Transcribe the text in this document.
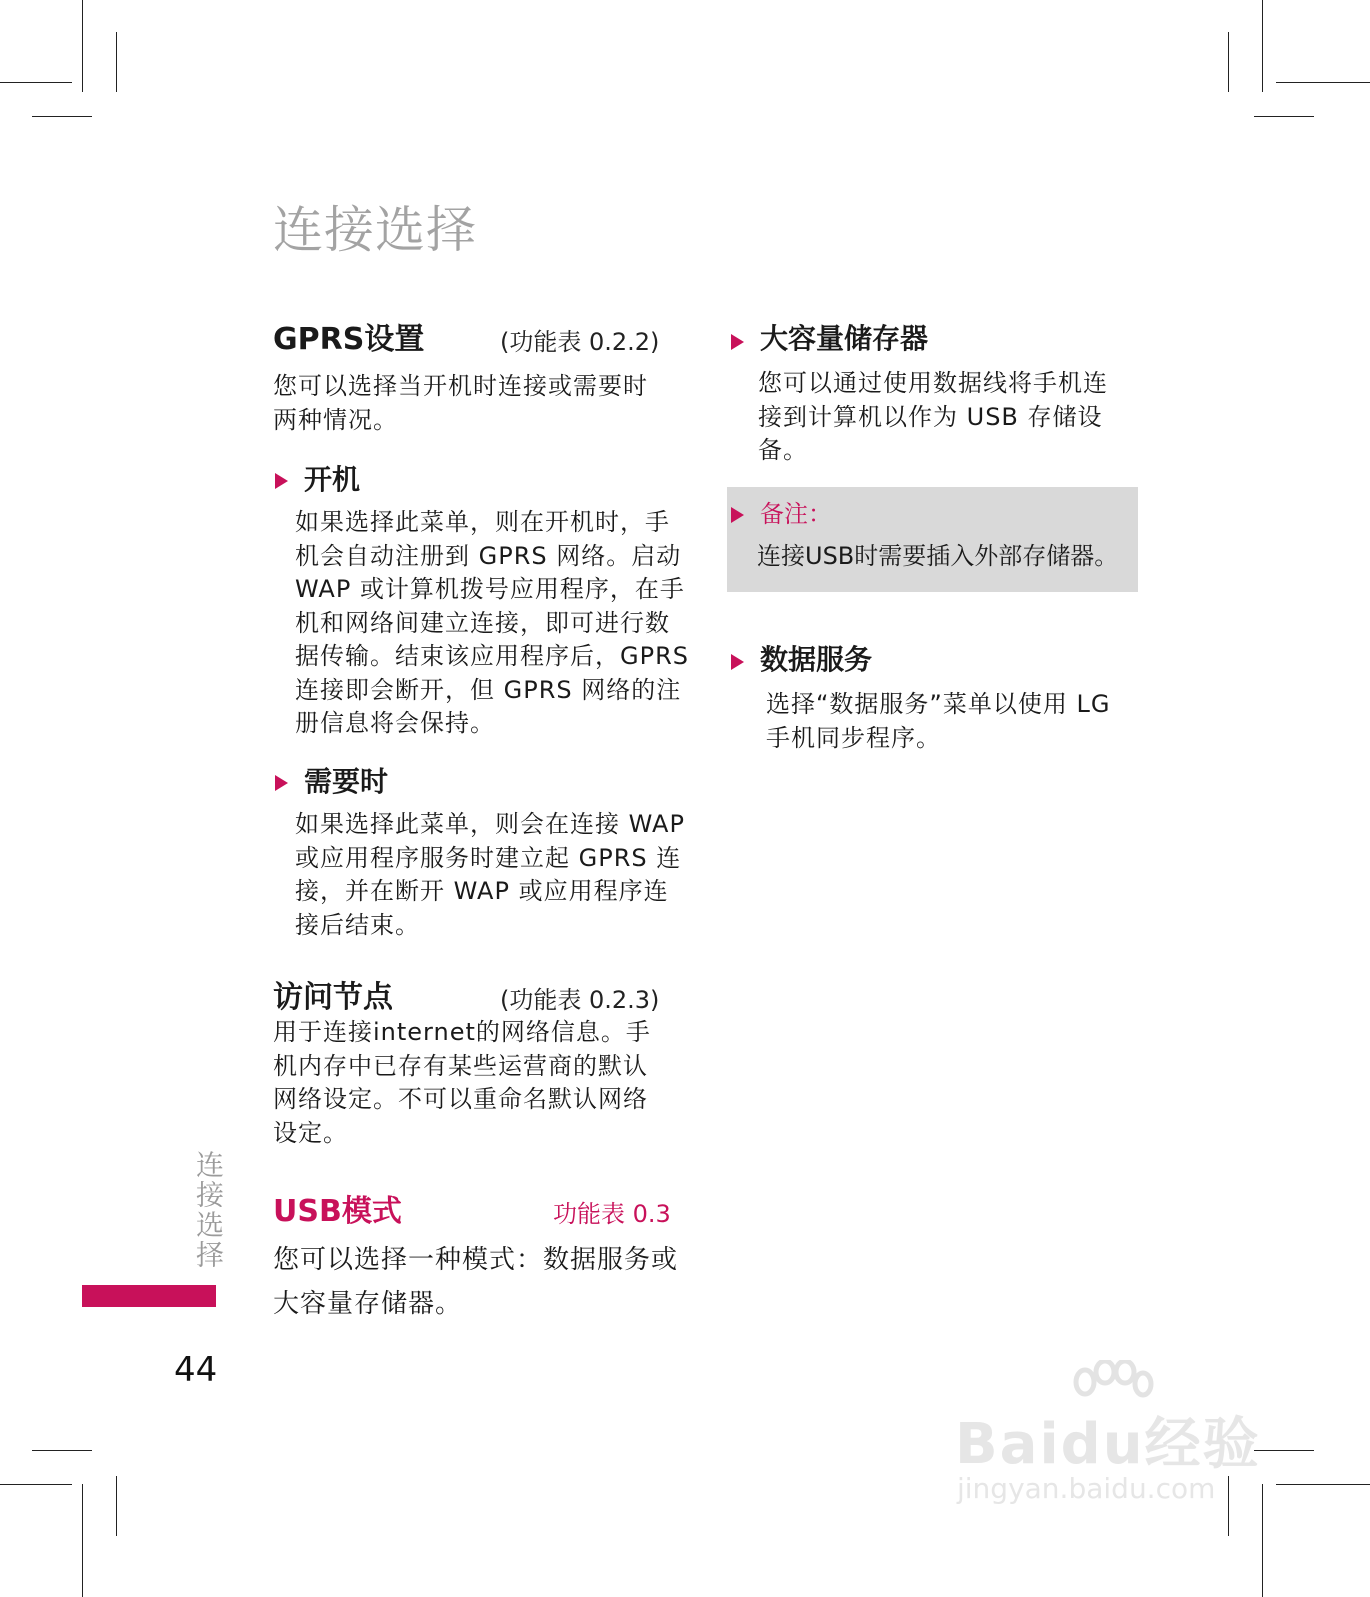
连接选择
GPRS设置	(功能表 0.2.2)
您可以选择当开机时连接或需要时
两种情况。
开机
如果选择此菜单，则在开机时，手
机会自动注册到 GPRS 网络。启动
WAP 或计算机拨号应用程序，在手
机和网络间建立连接，即可进行数
据传输。结束该应用程序后，GPRS
连接即会断开，但 GPRS 网络的注
册信息将会保持。
需要时
如果选择此菜单，则会在连接 WAP
或应用程序服务时建立起 GPRS 连
接，并在断开 WAP 或应用程序连
接后结束。
访问节点	(功能表 0.2.3)
用于连接internet的网络信息。手
机内存中已存有某些运营商的默认
网络设定。不可以重命名默认网络
设定。
USB模式	功能表 0.3
您可以选择一种模式：数据服务或
大容量存储器。
大容量储存器
您可以通过使用数据线将手机连
接到计算机以作为 USB 存储设
备。
备注：
连接USB时需要插入外部存储器。
数据服务
选择“数据服务”菜单以使用 LG
手机同步程序。
连接选择
44
Baidu经验
jingyan.baidu.com
